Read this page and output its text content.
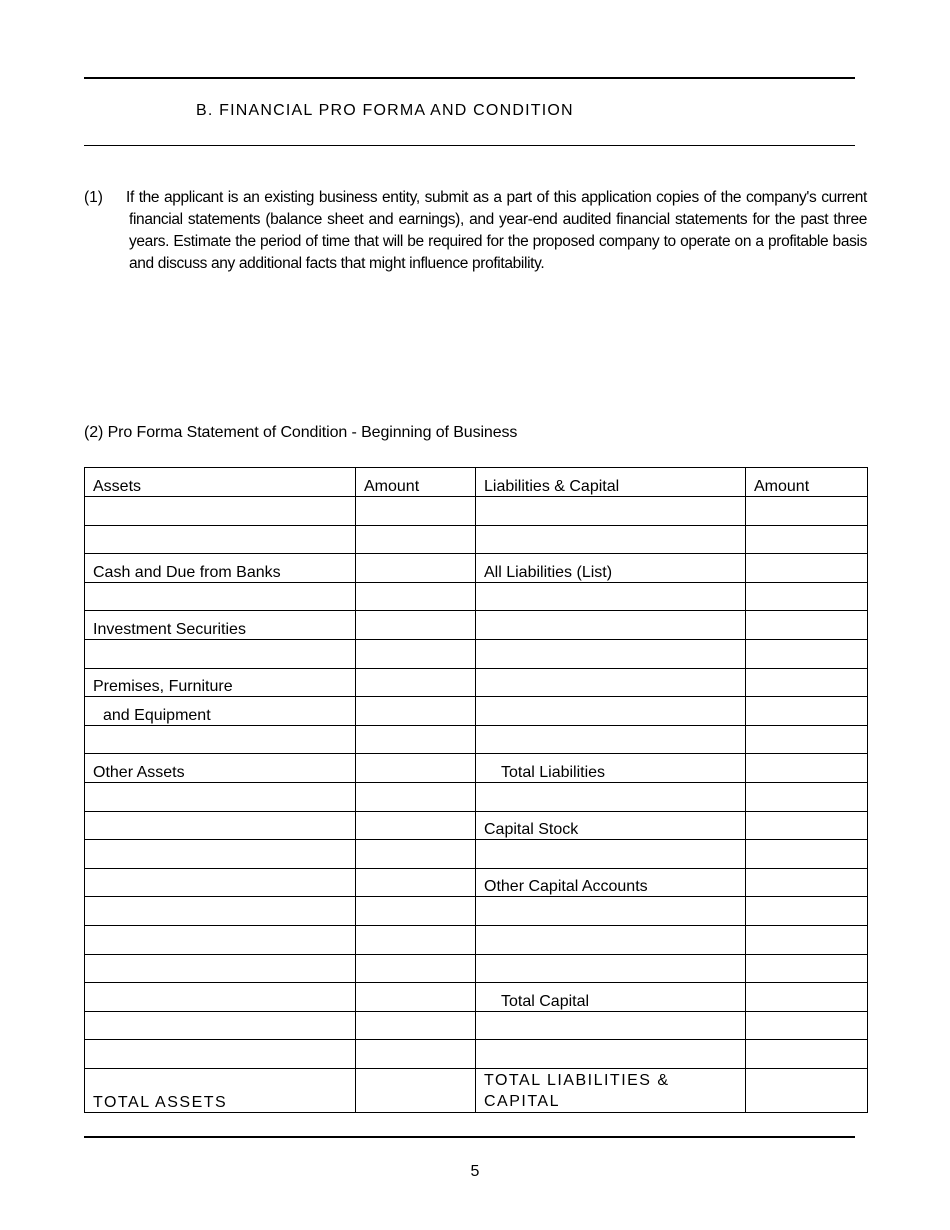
B. FINANCIAL PRO FORMA AND CONDITION
(1) If the applicant is an existing business entity, submit as a part of this application copies of the company's current financial statements (balance sheet and earnings), and year-end audited financial statements for the past three years. Estimate the period of time that will be required for the proposed company to operate on a profitable basis and discuss any additional facts that might influence profitability.
(2) Pro Forma Statement of Condition - Beginning of Business
Assets	Amount	Liabilities & Capital	Amount

Cash and Due from Banks		All Liabilities (List)	

Investment Securities			

Premises, Furniture			
and Equipment			

Other Assets		Total Liabilities	

		Capital Stock	

		Other Capital Accounts	

		Total Capital	

TOTAL ASSETS		TOTAL LIABILITIES & CAPITAL	
5
